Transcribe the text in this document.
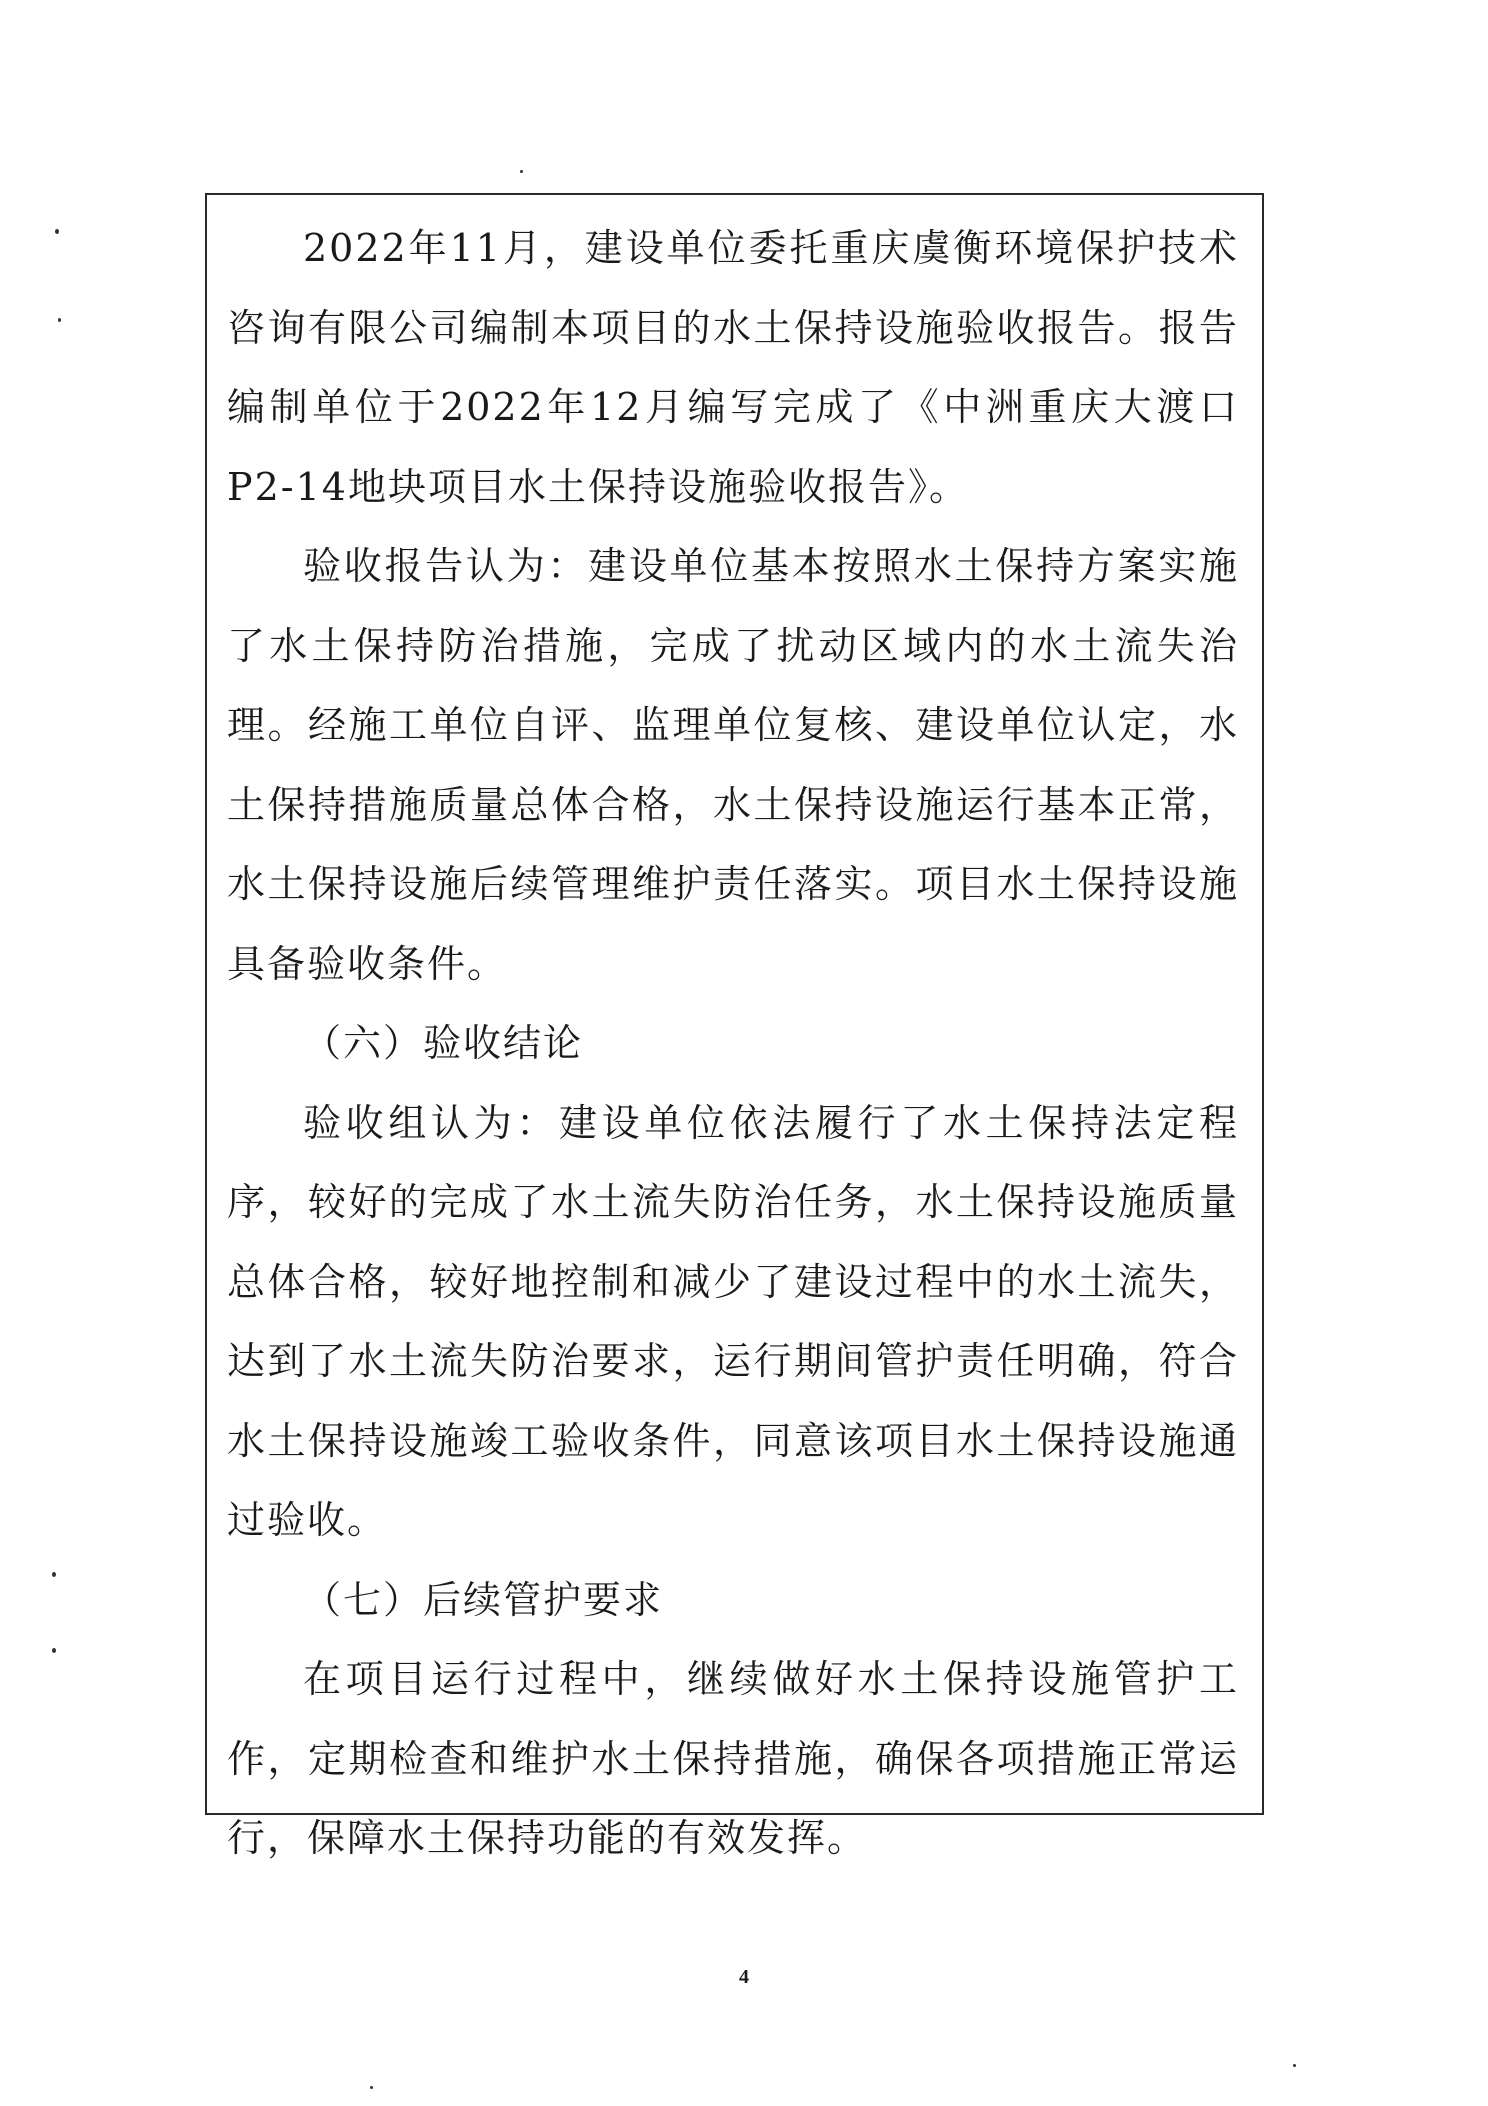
2022年11月，建设单位委托重庆虞衡环境保护技术咨询有限公司编制本项目的水土保持设施验收报告。报告编制单位于2022年12月编写完成了《中洲重庆大渡口P2-14地块项目水土保持设施验收报告》。

验收报告认为：建设单位基本按照水土保持方案实施了水土保持防治措施，完成了扰动区域内的水土流失治理。经施工单位自评、监理单位复核、建设单位认定，水土保持措施质量总体合格，水土保持设施运行基本正常，水土保持设施后续管理维护责任落实。项目水土保持设施具备验收条件。

（六）验收结论

验收组认为：建设单位依法履行了水土保持法定程序，较好的完成了水土流失防治任务，水土保持设施质量总体合格，较好地控制和减少了建设过程中的水土流失，达到了水土流失防治要求，运行期间管护责任明确，符合水土保持设施竣工验收条件，同意该项目水土保持设施通过验收。

（七）后续管护要求

在项目运行过程中，继续做好水土保持设施管护工作，定期检查和维护水土保持措施，确保各项措施正常运行，保障水土保持功能的有效发挥。

4
